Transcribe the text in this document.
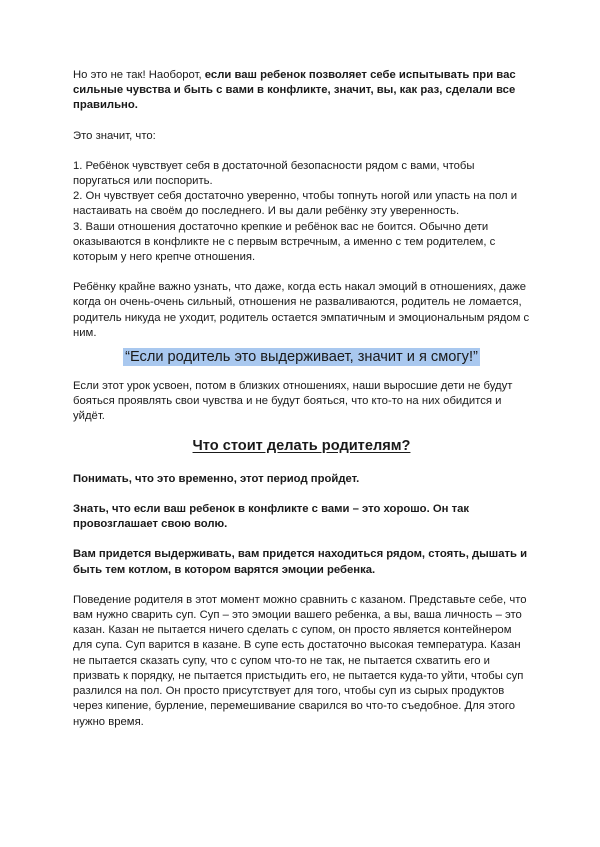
Но это не так! Наоборот, если ваш ребенок позволяет себе испытывать при вас сильные чувства и быть с вами в конфликте, значит, вы, как раз, сделали все правильно.

Это значит, что:

1. Ребёнок чувствует себя в достаточной безопасности рядом с вами, чтобы поругаться или поспорить.

2. Он чувствует себя достаточно уверенно, чтобы топнуть ногой или упасть на пол и настаивать на своём до последнего. И вы дали ребёнку эту уверенность.

3. Ваши отношения достаточно крепкие и ребёнок вас не боится. Обычно дети оказываются в конфликте не с первым встречным, а именно с тем родителем, с которым у него крепче отношения.

Ребёнку крайне важно узнать, что даже, когда есть накал эмоций в отношениях, даже когда он очень-очень сильный, отношения не разваливаются, родитель не ломается, родитель никуда не уходит, родитель остается эмпатичным и эмоциональным рядом с ним.

“Если родитель это выдерживает, значит и я смогу!”

Если этот урок усвоен, потом в близких отношениях, наши выросшие дети не будут бояться проявлять свои чувства и не будут бояться, что кто-то на них обидится и уйдёт.

Что стоит делать родителям?

Понимать, что это временно, этот период пройдет.

Знать, что если ваш ребенок в конфликте с вами – это хорошо. Он так провозглашает свою волю.

Вам придется выдерживать, вам придется находиться рядом, стоять, дышать и быть тем котлом, в котором варятся эмоции ребенка.

Поведение родителя в этот момент можно сравнить с казаном. Представьте себе, что вам нужно сварить суп. Суп – это эмоции вашего ребенка, а вы, ваша личность – это казан. Казан не пытается ничего сделать с супом, он просто является контейнером для супа. Суп варится в казане. В супе есть достаточно высокая температура. Казан не пытается сказать супу, что с супом что-то не так, не пытается схватить его и призвать к порядку, не пытается пристыдить его, не пытается куда-то уйти, чтобы суп разлился на пол. Он просто присутствует для того, чтобы суп из сырых продуктов через кипение, бурление, перемешивание сварился во что-то съедобное. Для этого нужно время.
